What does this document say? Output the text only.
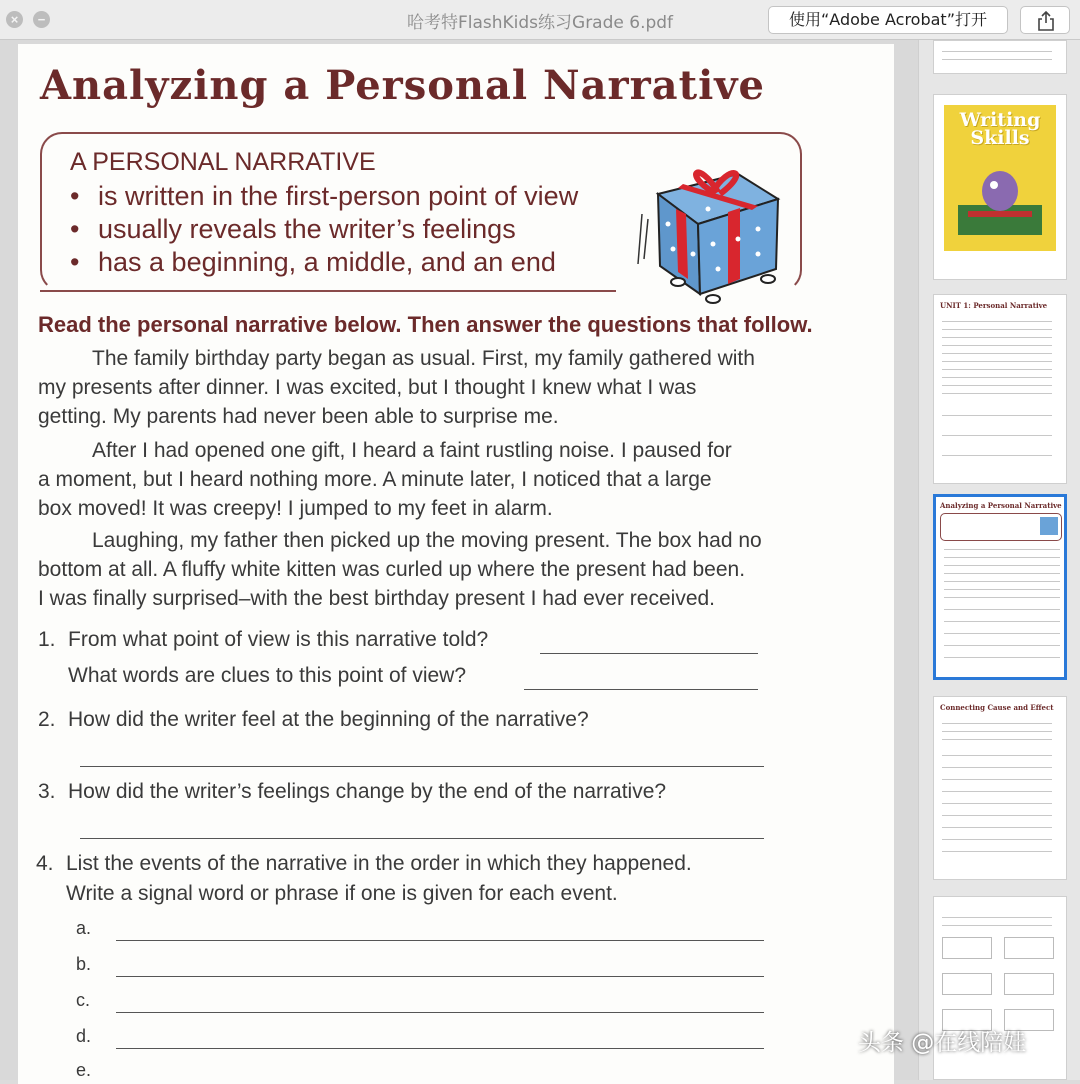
×	−	哈考特FlashKids练习Grade 6.pdf	使用“Adobe Acrobat”打开
Analyzing a Personal Narrative
A PERSONAL NARRATIVE
• is written in the first-person point of view
• usually reveals the writer’s feelings
• has a beginning, a middle, and an end
Read the personal narrative below. Then answer the questions that follow.
The family birthday party began as usual. First, my family gathered with
my presents after dinner. I was excited, but I thought I knew what I was
getting. My parents had never been able to surprise me.
After I had opened one gift, I heard a faint rustling noise. I paused for
a moment, but I heard nothing more. A minute later, I noticed that a large
box moved! It was creepy! I jumped to my feet in alarm.
Laughing, my father then picked up the moving present. The box had no
bottom at all. A fluffy white kitten was curled up where the present had been.
I was finally surprised–with the best birthday present I had ever received.
1. From what point of view is this narrative told?
What words are clues to this point of view?
2. How did the writer feel at the beginning of the narrative?
3. How did the writer’s feelings change by the end of the narrative?
4. List the events of the narrative in the order in which they happened.
Write a signal word or phrase if one is given for each event.
a.
b.
c.
d.
e.
Writing Skills
UNIT 1: Personal Narrative
Analyzing a Personal Narrative
Connecting Cause and Effect
头条 @在线陪娃
